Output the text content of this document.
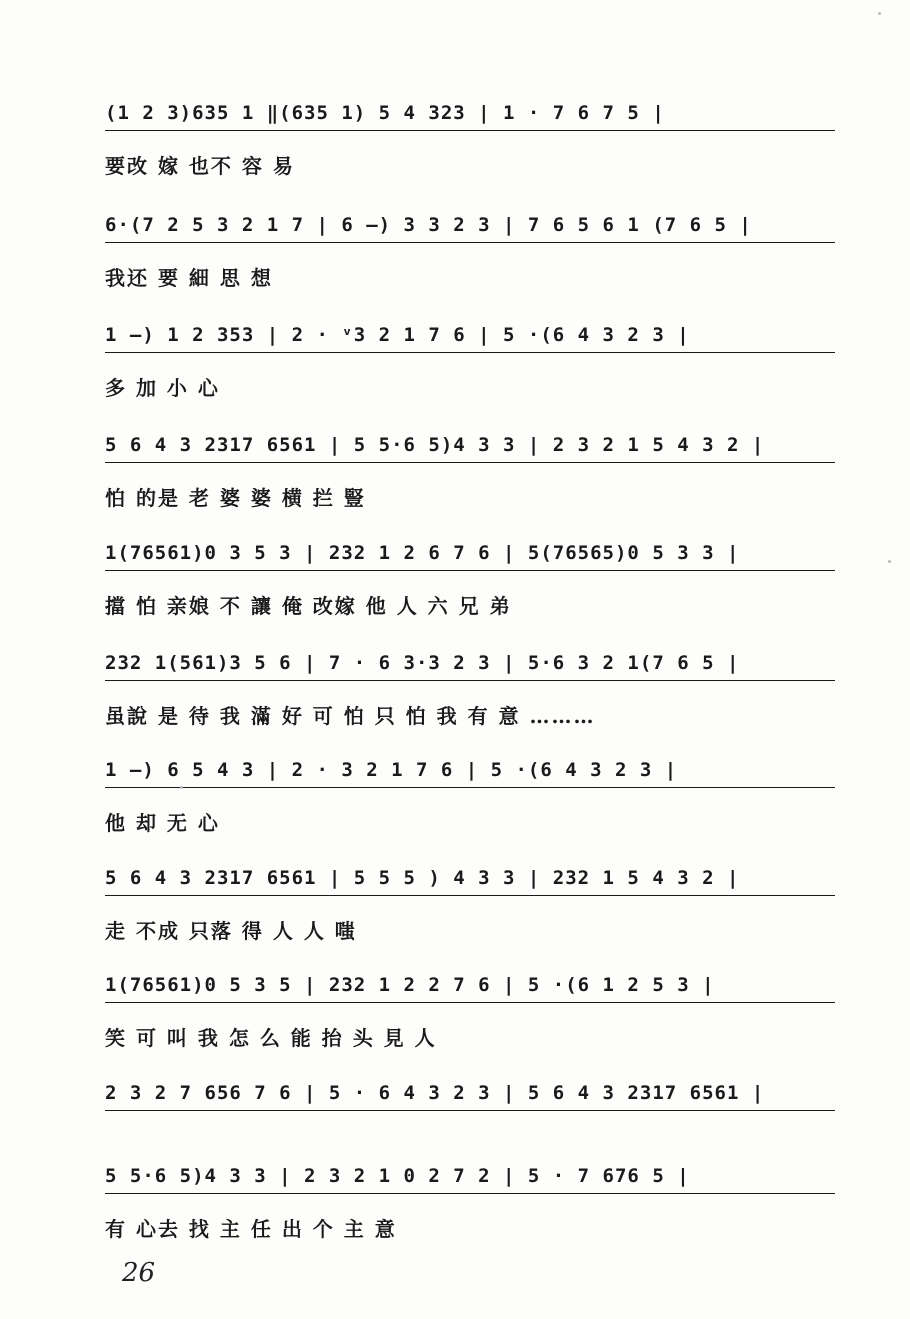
(1 2 3)635 1 ‖(635 1) 5 4 323 | 1 · 7 6 7 5 |
要改 嫁 也不 容 易
6·(7 2 5 3 2 1 7 | 6 —) 3 3 2 3 | 7 6 5 6 1 (7 6 5 |
我还 要 細 思 想
1 —) 1 2 353 | 2 · ᵛ3 2 1 7 6 | 5 ·(6 4 3 2 3 |
多 加 小 心
5 6 4 3 2317 6561 | 5 5·6 5)4 3 3 | 2 3 2 1 5 4 3 2 |
怕 的是 老 婆 婆 横 拦 豎
1(76561)0 3 5 3 | 232 1 2 6 7 6 | 5(76565)0 5 3 3 |
擋 怕 亲娘 不 讓 俺 改嫁 他 人 六 兄 弟
232 1(561)3 5 6 | 7 · 6 3·3 2 3 | 5·6 3 2 1(7 6 5 |
虽說 是 待 我 滿 好 可 怕 只 怕 我 有 意 ………
1 —) 6 5 4 3 | 2 · 3 2 1 7 6 | 5 ·(6 4 3 2 3 |
他 却 无 心
5 6 4 3 2317 6561 | 5 5 5 ) 4 3 3 | 232 1 5 4 3 2 |
走 不成 只落 得 人 人 嗤
1(76561)0 5 3 5 | 232 1 2 2 7 6 | 5 ·(6 1 2 5 3 |
笑 可 叫 我 怎 么 能 抬 头 見 人
2 3 2 7 656 7 6 | 5 · 6 4 3 2 3 | 5 6 4 3 2317 6561 |
5 5·6 5)4 3 3 | 2 3 2 1 0 2 7 2 | 5 · 7 676 5 |
有 心去 找 主 任 出 个 主 意
26
